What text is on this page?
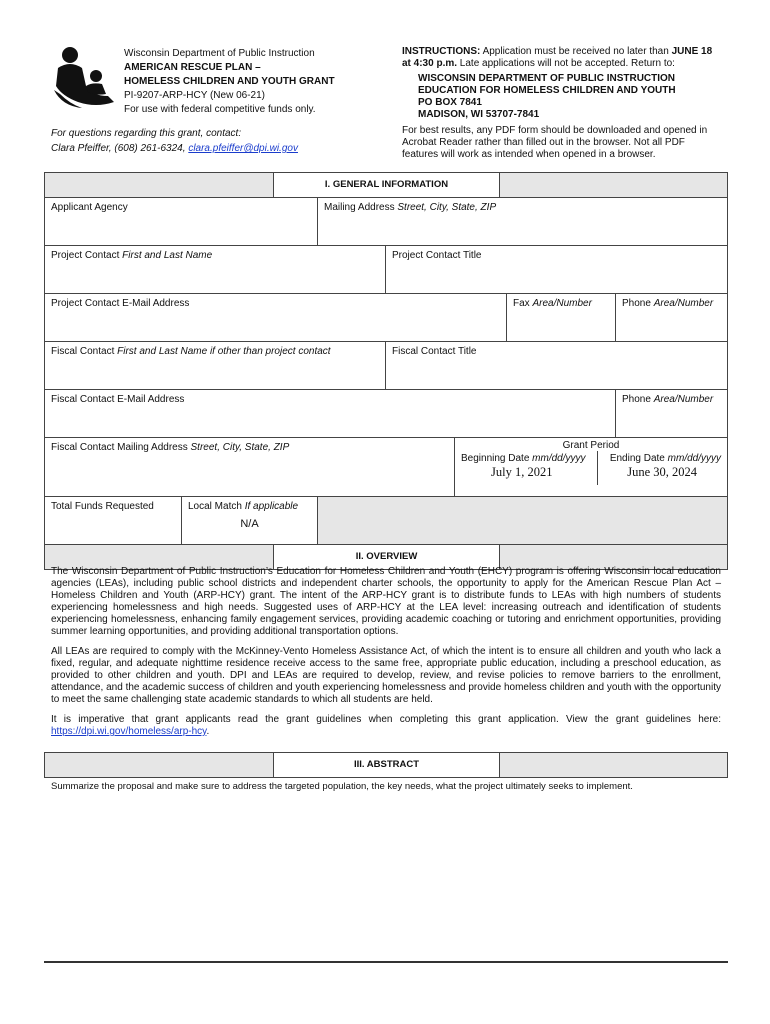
Wisconsin Department of Public Instruction
AMERICAN RESCUE PLAN –
HOMELESS CHILDREN AND YOUTH GRANT
PI-9207-ARP-HCY (New 06-21)
For use with federal competitive funds only.
For questions regarding this grant, contact:
Clara Pfeiffer, (608) 261-6324, clara.pfeiffer@dpi.wi.gov
INSTRUCTIONS: Application must be received no later than JUNE 18
at 4:30 p.m. Late applications will not be accepted. Return to:
WISCONSIN DEPARTMENT OF PUBLIC INSTRUCTION
EDUCATION FOR HOMELESS CHILDREN AND YOUTH
PO BOX 7841
MADISON, WI 53707-7841
For best results, any PDF form should be downloaded and opened in Acrobat Reader rather than filled out in the browser. Not all PDF features will work as intended when opened in a browser.
I. GENERAL INFORMATION
Applicant Agency	Mailing Address Street, City, State, ZIP
Project Contact First and Last Name	Project Contact Title
Project Contact E-Mail Address	Fax Area/Number	Phone Area/Number
Fiscal Contact First and Last Name if other than project contact	Fiscal Contact Title
Fiscal Contact E-Mail Address	Phone Area/Number
Fiscal Contact Mailing Address Street, City, State, ZIP	Grant Period
Beginning Date mm/dd/yyyy Ending Date mm/dd/yyyy
July 1, 2021	June 30, 2024
Total Funds Requested	Local Match If applicable
N/A
II. OVERVIEW

The Wisconsin Department of Public Instruction’s Education for Homeless Children and Youth (EHCY) program is offering Wisconsin local education agencies (LEAs), including public school districts and independent charter schools, the opportunity to apply for the American Rescue Plan Act – Homeless Children and Youth (ARP-HCY) grant. The intent of the ARP-HCY grant is to distribute funds to LEAs with high numbers of students experiencing homelessness and high needs. Suggested uses of ARP-HCY at the LEA level: increasing outreach and identification of students experiencing homelessness, enhancing family engagement services, providing academic coaching or tutoring and enrichment opportunities, providing summer learning opportunities, and providing additional transportation options.

All LEAs are required to comply with the McKinney-Vento Homeless Assistance Act, of which the intent is to ensure all children and youth who lack a fixed, regular, and adequate nighttime residence receive access to the same free, appropriate public education, including a preschool education, as provided to other children and youth. DPI and LEAs are required to develop, review, and revise policies to remove barriers to the enrollment, attendance, and the academic success of children and youth experiencing homelessness and provide homeless children and youth with the opportunity to meet the same challenging state academic standards to which all students are held.

It is imperative that grant applicants read the grant guidelines when completing this grant application. View the grant guidelines here: https://dpi.wi.gov/homeless/arp-hcy.

III. ABSTRACT
Summarize the proposal and make sure to address the targeted population, the key needs, what the project ultimately seeks to implement.
